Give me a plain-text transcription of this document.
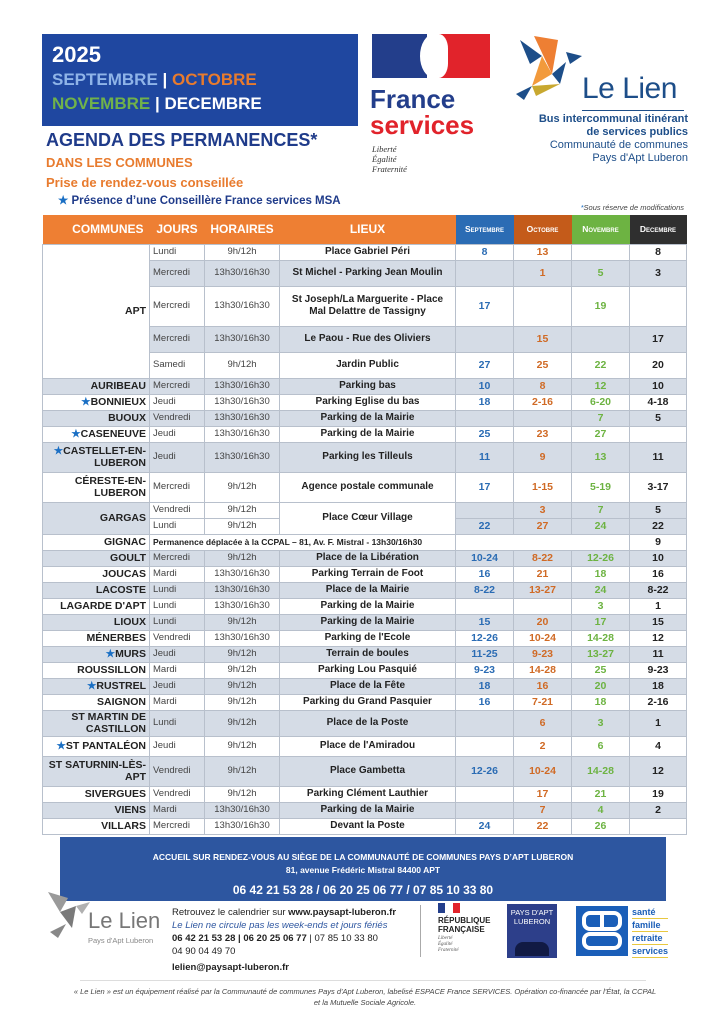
2025
SEPTEMBRE | OCTOBRE
NOVEMBRE | DECEMBRE
AGENDA DES PERMANENCES*
DANS LES COMMUNES
Prise de rendez-vous conseillée
★ Présence d’une Conseillère France services MSA
France
services
Liberté
Égalité
Fraternité
Le Lien
Bus intercommunal itinérant
de services publics
Communauté de communes
Pays d'Apt Luberon
*Sous réserve de modifications
COMMUNES	JOURS	HORAIRES	LIEUX	Septembre	Octobre	Novembre	Decembre
APT	Lundi	9h/12h	Place Gabriel Péri	8	13		8
	Mercredi	13h30/16h30	St Michel - Parking Jean Moulin		1	5	3
	Mercredi	13h30/16h30	St Joseph/La Marguerite - Place Mal Delattre de Tassigny	17		19	
	Mercredi	13h30/16h30	Le Paou - Rue des Oliviers		15		17
	Samedi	9h/12h	Jardin Public	27	25	22	20
AURIBEAU	Mercredi	13h30/16h30	Parking bas	10	8	12	10
★BONNIEUX	Jeudi	13h30/16h30	Parking Eglise du bas	18	2-16	6-20	4-18
BUOUX	Vendredi	13h30/16h30	Parking de la Mairie			7	5
★CASENEUVE	Jeudi	13h30/16h30	Parking de la Mairie	25	23	27	
★CASTELLET-EN-LUBERON	Jeudi	13h30/16h30	Parking les Tilleuls	11	9	13	11
CÉRESTE-EN-LUBERON	Mercredi	9h/12h	Agence postale communale	17	1-15	5-19	3-17
GARGAS	Vendredi	9h/12h	Place Cœur Village		3	7	5
	Lundi	9h/12h		22	27	24	22
GIGNAC	Permanence déplacée à la CCPAL – 81, Av. F. Mistral - 13h30/16h30						9
GOULT	Mercredi	9h/12h	Place de la Libération	10-24	8-22	12-26	10
JOUCAS	Mardi	13h30/16h30	Parking Terrain de Foot	16	21	18	16
LACOSTE	Lundi	13h30/16h30	Place de la Mairie	8-22	13-27	24	8-22
LAGARDE D'APT	Lundi	13h30/16h30	Parking de la Mairie			3	1
LIOUX	Lundi	9h/12h	Parking de la Mairie	15	20	17	15
MÉNERBES	Vendredi	13h30/16h30	Parking de l'Ecole	12-26	10-24	14-28	12
★MURS	Jeudi	9h/12h	Terrain de boules	11-25	9-23	13-27	11
ROUSSILLON	Mardi	9h/12h	Parking Lou Pasquié	9-23	14-28	25	9-23
★RUSTREL	Jeudi	9h/12h	Place de la Fête	18	16	20	18
SAIGNON	Mardi	9h/12h	Parking du Grand Pasquier	16	7-21	18	2-16
ST MARTIN DE CASTILLON	Lundi	9h/12h	Place de la Poste		6	3	1
★ST PANTALÉON	Jeudi	9h/12h	Place de l'Amiradou		2	6	4
ST SATURNIN-LÈS-APT	Vendredi	9h/12h	Place Gambetta	12-26	10-24	14-28	12
SIVERGUES	Vendredi	9h/12h	Parking Clément Lauthier		17	21	19
VIENS	Mardi	13h30/16h30	Parking de la Mairie		7	4	2
VILLARS	Mercredi	13h30/16h30	Devant la Poste	24	22	26	
ACCUEIL SUR RENDEZ-VOUS AU SIÈGE DE LA COMMUNAUTÉ DE COMMUNES PAYS D’APT LUBERON
81, avenue Frédéric Mistral 84400 APT
06 42 21 53 28 / 06 20 25 06 77 / 07 85 10 33 80
Le Lien
Pays d'Apt Luberon
Retrouvez le calendrier sur www.paysapt-luberon.fr
Le Lien ne circule pas les week-ends et jours fériés
06 42 21 53 28 | 06 20 25 06 77 | 07 85 10 33 80
04 90 04 49 70
lelien@paysapt-luberon.fr
RÉPUBLIQUE
FRANÇAISE
Liberté
Égalité
Fraternité
PAYS D'APT
LUBERON
santé
famille
retraite
services
« Le Lien » est un équipement réalisé par la Communauté de communes Pays d'Apt Luberon, labelisé ESPACE France SERVICES. Opération co-financée par l'État, la CCPAL et la Mutuelle Sociale Agricole.
